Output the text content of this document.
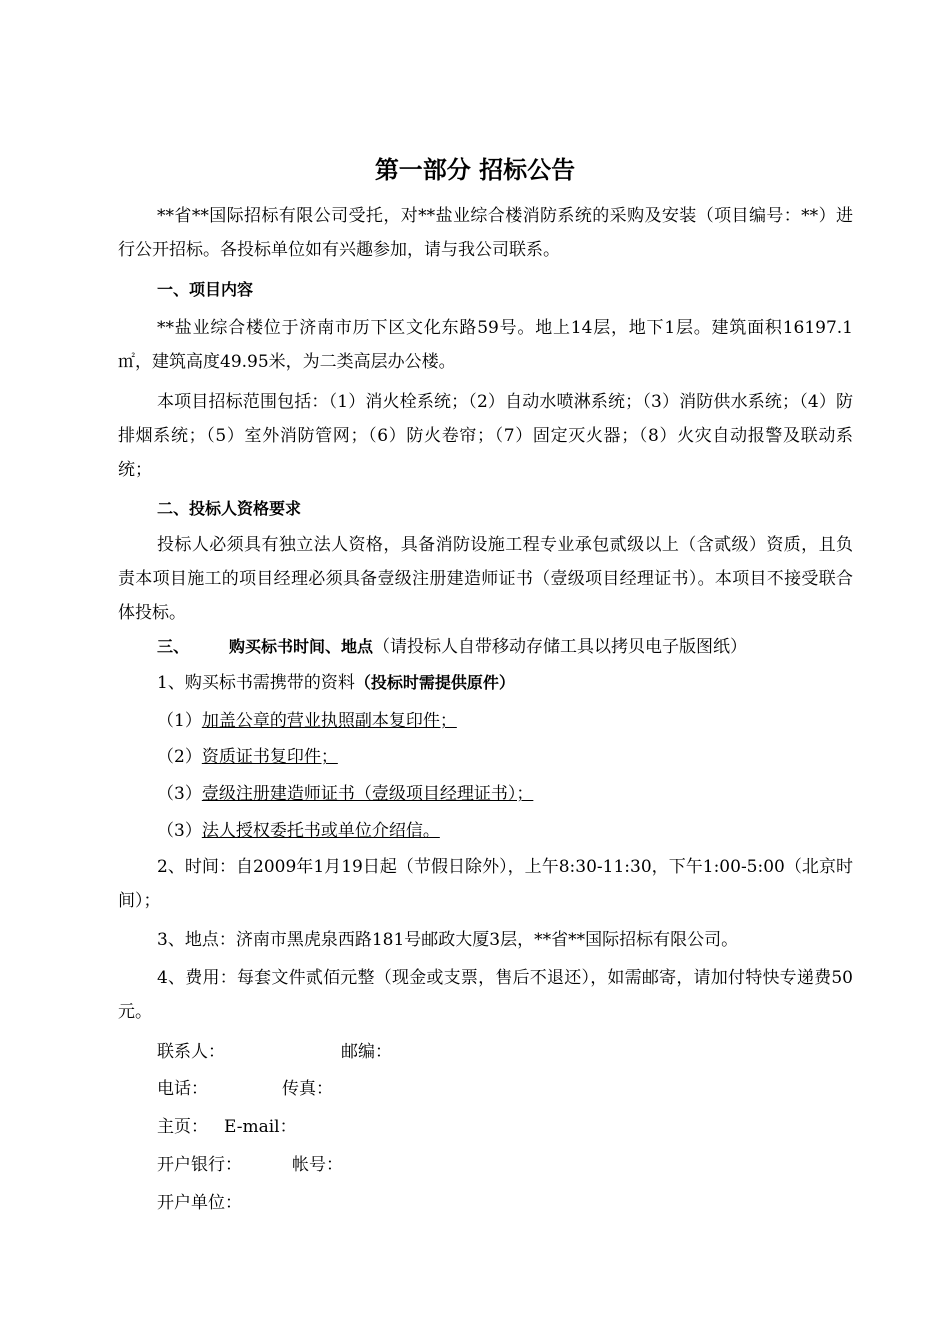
第一部分 招标公告
**省**国际招标有限公司受托，对**盐业综合楼消防系统的采购及安装（项目编号：**）进行公开招标。各投标单位如有兴趣参加，请与我公司联系。
一、项目内容
**盐业综合楼位于济南市历下区文化东路59号。地上14层，地下1层。建筑面积16197.1㎡，建筑高度49.95米，为二类高层办公楼。
本项目招标范围包括：（1）消火栓系统；（2）自动水喷淋系统；（3）消防供水系统；（4）防排烟系统；（5）室外消防管网；（6）防火卷帘；（7）固定灭火器；（8）火灾自动报警及联动系统；
二、投标人资格要求
投标人必须具有独立法人资格，具备消防设施工程专业承包贰级以上（含贰级）资质，且负责本项目施工的项目经理必须具备壹级注册建造师证书（壹级项目经理证书）。本项目不接受联合体投标。
三、	购买标书时间、地点（请投标人自带移动存储工具以拷贝电子版图纸）
1、购买标书需携带的资料（投标时需提供原件）
（1）加盖公章的营业执照副本复印件；
（2）资质证书复印件；
（3）壹级注册建造师证书（壹级项目经理证书）；
（3）法人授权委托书或单位介绍信。
2、时间：自2009年1月19日起（节假日除外），上午8:30-11:30，下午1:00-5:00（北京时间）；
3、地点：济南市黑虎泉西路181号邮政大厦3层，**省**国际招标有限公司。
4、费用：每套文件贰佰元整（现金或支票，售后不退还），如需邮寄，请加付特快专递费50元。
联系人：	邮编：
电话：	传真：
主页： E-mail：
开户银行：	帐号：
开户单位：
